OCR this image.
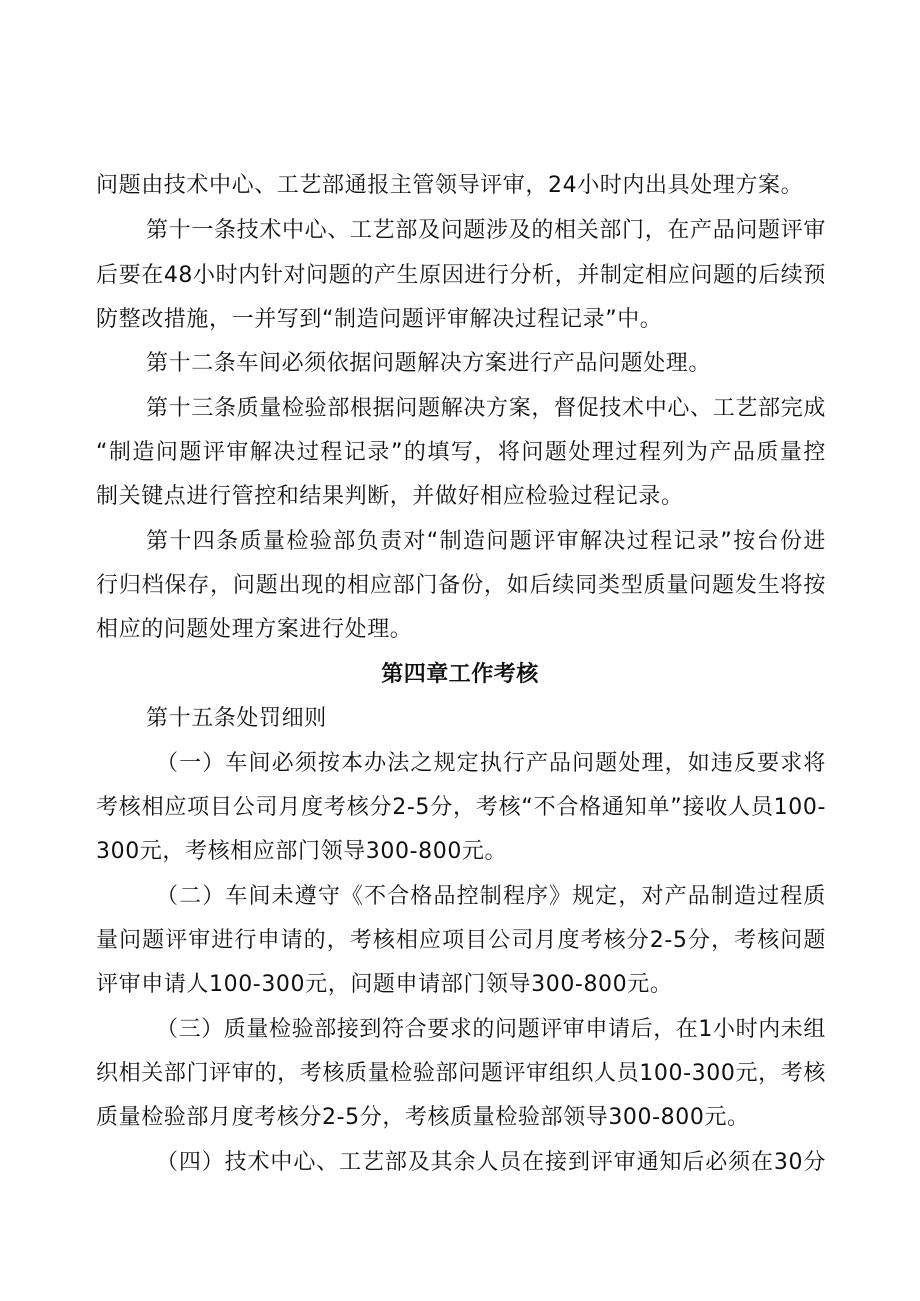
问题由技术中心、工艺部通报主管领导评审，24小时内出具处理方案。
第十一条技术中心、工艺部及问题涉及的相关部门，在产品问题评审
后要在48小时内针对问题的产生原因进行分析，并制定相应问题的后续预
防整改措施，一并写到“制造问题评审解决过程记录”中。
第十二条车间必须依据问题解决方案进行产品问题处理。
第十三条质量检验部根据问题解决方案，督促技术中心、工艺部完成
“制造问题评审解决过程记录”的填写，将问题处理过程列为产品质量控
制关键点进行管控和结果判断，并做好相应检验过程记录。
第十四条质量检验部负责对“制造问题评审解决过程记录”按台份进
行归档保存，问题出现的相应部门备份，如后续同类型质量问题发生将按
相应的问题处理方案进行处理。
第四章工作考核
第十五条处罚细则
（一）车间必须按本办法之规定执行产品问题处理，如违反要求将
考核相应项目公司月度考核分2-5分，考核“不合格通知单”接收人员100-
300元，考核相应部门领导300-800元。
（二）车间未遵守《不合格品控制程序》规定，对产品制造过程质
量问题评审进行申请的，考核相应项目公司月度考核分2-5分，考核问题
评审申请人100-300元，问题申请部门领导300-800元。
（三）质量检验部接到符合要求的问题评审申请后，在1小时内未组
织相关部门评审的，考核质量检验部问题评审组织人员100-300元，考核
质量检验部月度考核分2-5分，考核质量检验部领导300-800元。
（四）技术中心、工艺部及其余人员在接到评审通知后必须在30分
